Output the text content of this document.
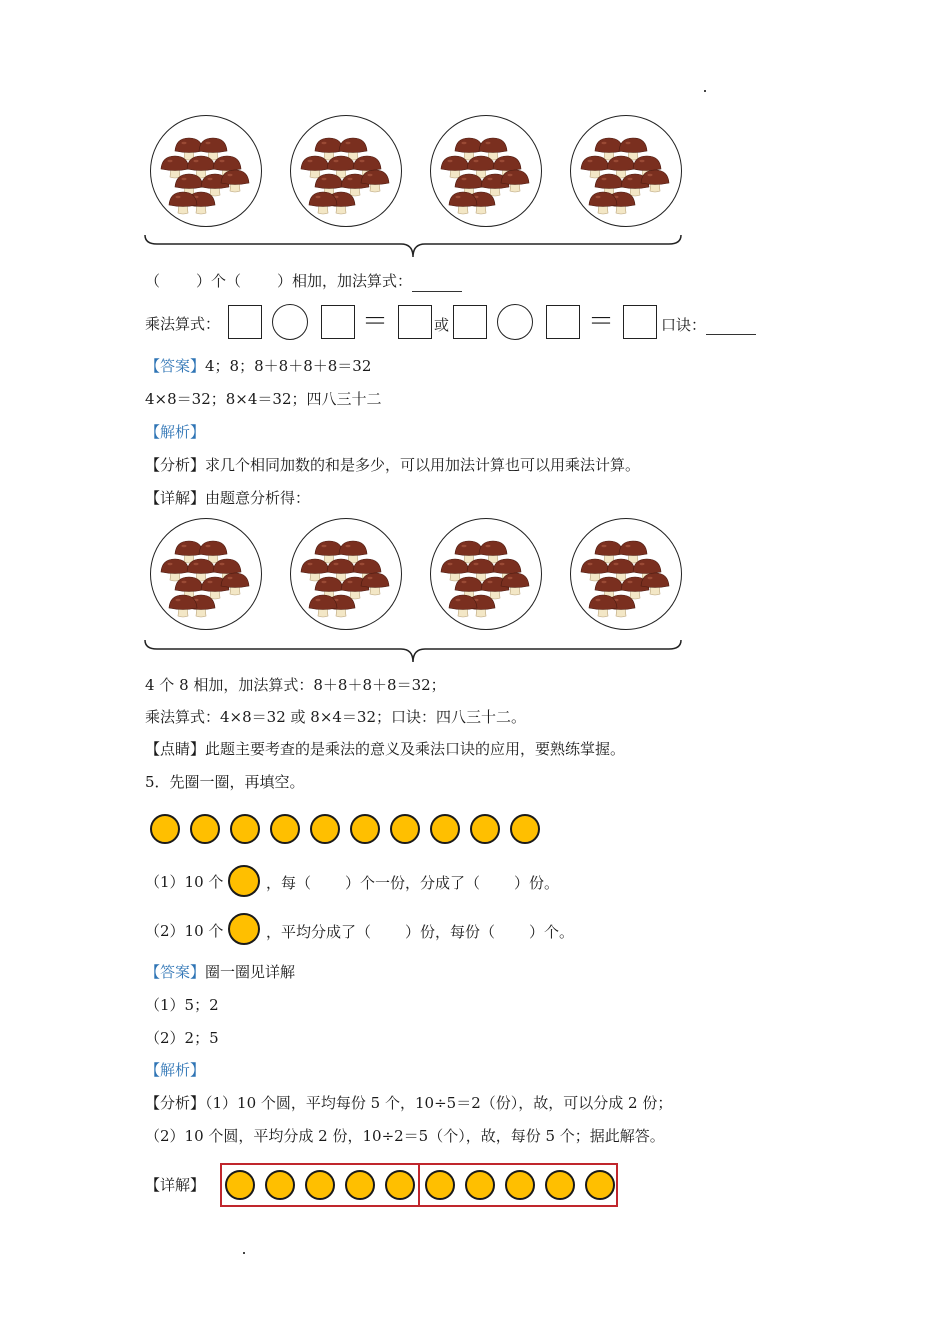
（ ）个（ ）相加，加法算式：
乘法算式：	＝	或	＝	口诀：
【答案】4；8；8＋8＋8＋8＝32
4×8＝32；8×4＝32；四八三十二
【解析】
【分析】求几个相同加数的和是多少，可以用加法计算也可以用乘法计算。
【详解】由题意分析得：
4 个 8 相加，加法算式：8＋8＋8＋8＝32；
乘法算式：4×8＝32 或 8×4＝32；口诀：四八三十二。
【点睛】此题主要考查的是乘法的意义及乘法口诀的应用，要熟练掌握。
5．先圈一圈，再填空。
（1）10 个	，每（ ）个一份，分成了（ ）份。
（2）10 个	，平均分成了（ ）份，每份（ ）个。
【答案】圈一圈见详解
（1）5；2
（2）2；5
【解析】
【分析】（1）10 个圆，平均每份 5 个，10÷5＝2（份），故，可以分成 2 份；
（2）10 个圆，平均分成 2 份，10÷2＝5（个），故，每份 5 个；据此解答。
【详解】
